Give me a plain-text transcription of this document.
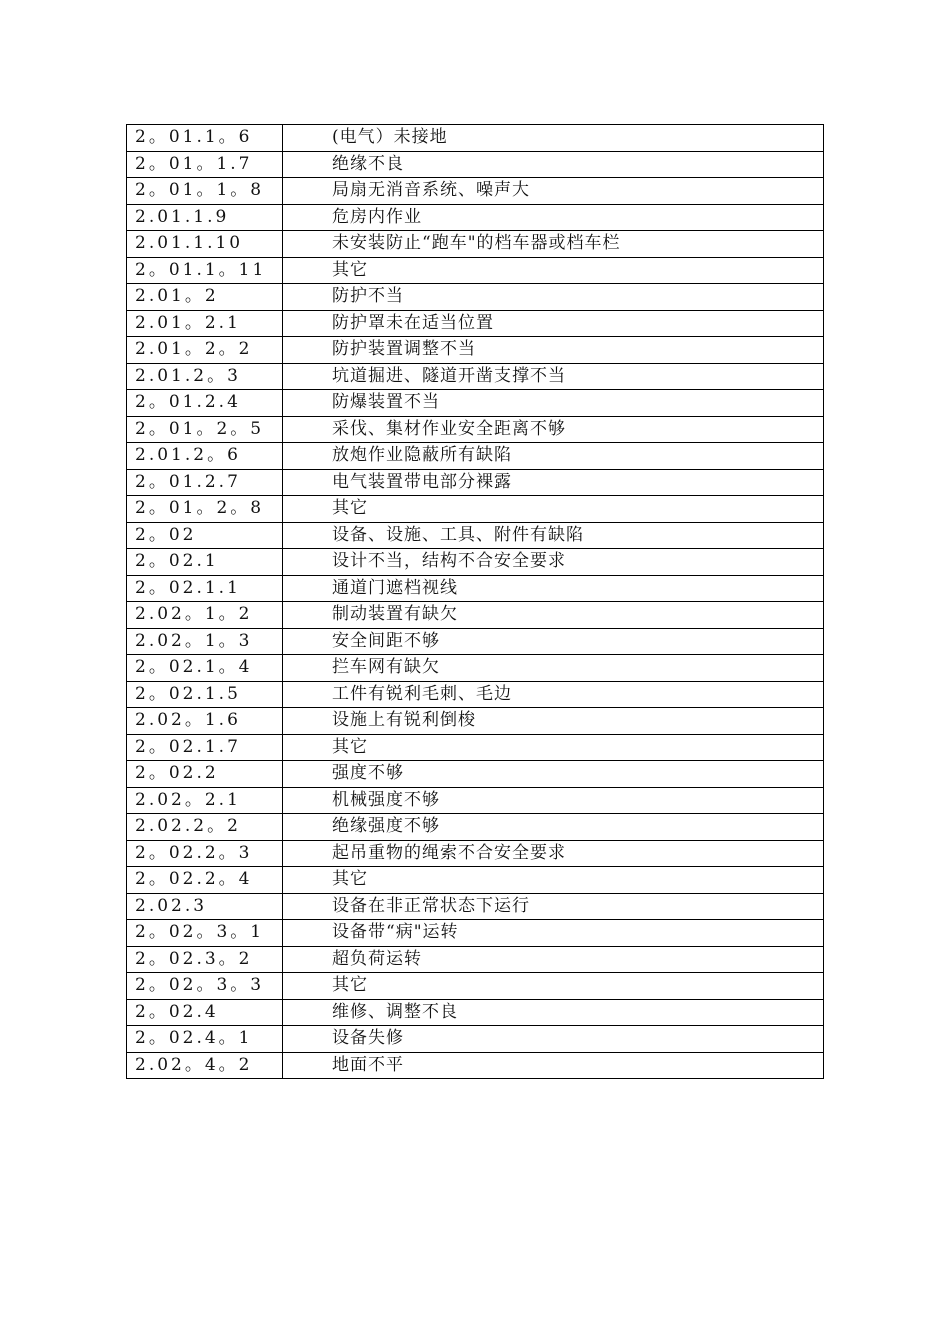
2。01.1。6	(电气）未接地
2。01。1.7	绝缘不良
2。01。1。8	局扇无消音系统、噪声大
2.01.1.9	危房内作业
2.01.1.10	未安装防止“跑车"的档车器或档车栏
2。01.1。11	其它
2.01。2	防护不当
2.01。2.1	防护罩未在适当位置
2.01。2。2	防护装置调整不当
2.01.2。3	坑道掘进、隧道开凿支撑不当
2。01.2.4	防爆装置不当
2。01。2。5	采伐、集材作业安全距离不够
2.01.2。6	放炮作业隐蔽所有缺陷
2。01.2.7	电气装置带电部分裸露
2。01。2。8	其它
2。02	设备、设施、工具、附件有缺陷
2。02.1	设计不当，结构不合安全要求
2。02.1.1	通道门遮档视线
2.02。1。2	制动装置有缺欠
2.02。1。3	安全间距不够
2。02.1。4	拦车网有缺欠
2。02.1.5	工件有锐利毛刺、毛边
2.02。1.6	设施上有锐利倒梭
2。02.1.7	其它
2。02.2	强度不够
2.02。2.1	机械强度不够
2.02.2。2	绝缘强度不够
2。02.2。3	起吊重物的绳索不合安全要求
2。02.2。4	其它
2.02.3	设备在非正常状态下运行
2。02。3。1	设备带“病"运转
2。02.3。2	超负荷运转
2。02。3。3	其它
2。02.4	维修、调整不良
2。02.4。1	设备失修
2.02。4。2	地面不平
